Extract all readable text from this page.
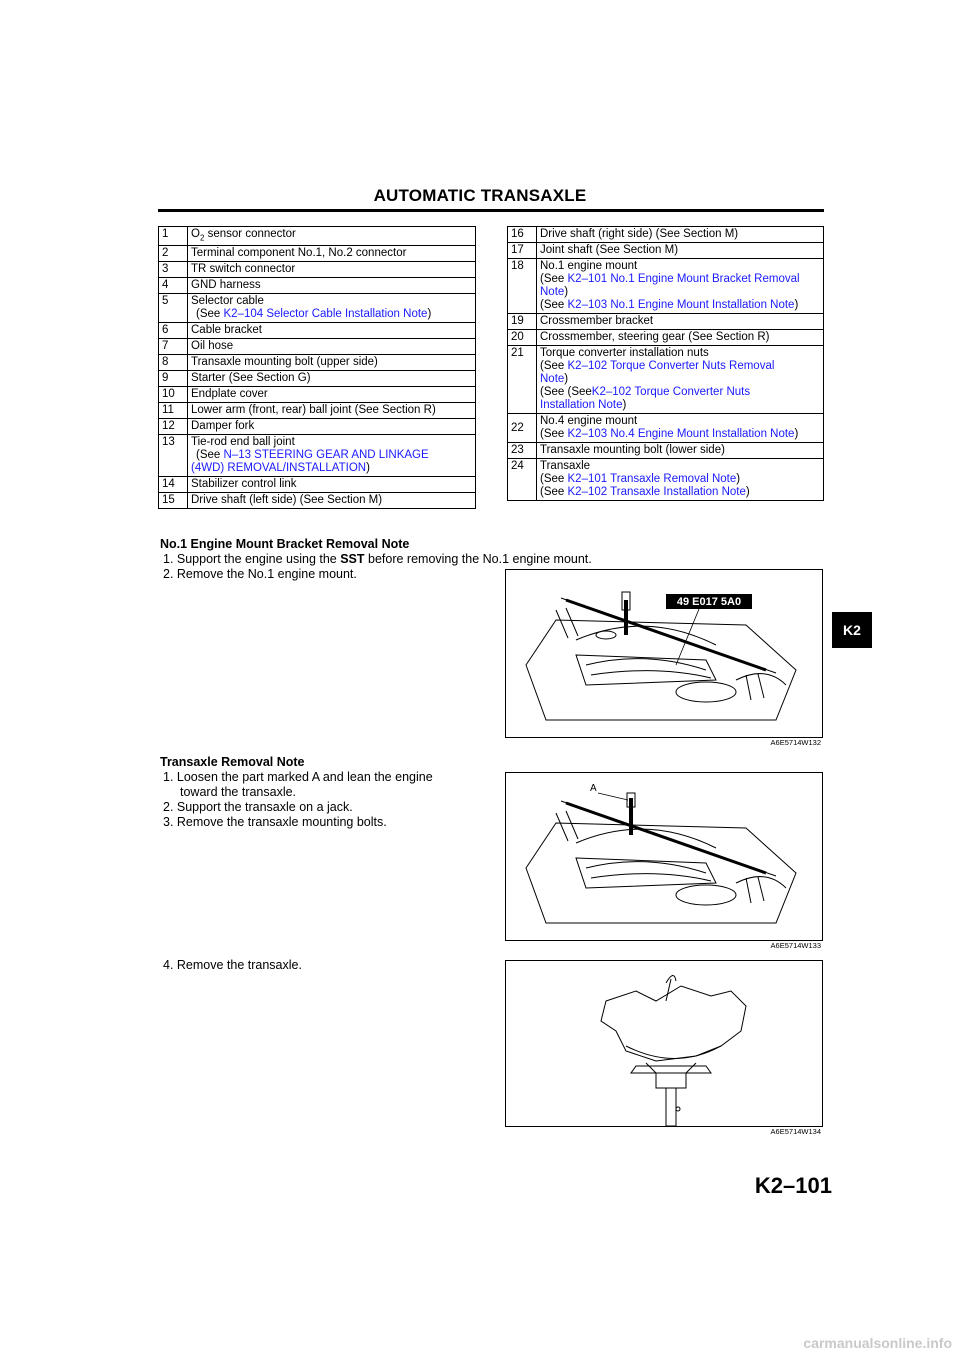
AUTOMATIC TRANSAXLE
1	$O_2$ sensor connector
2	Terminal component No.1, No.2 connector
3	TR switch connector
4	GND harness
5	Selector cable
(See K2–104 Selector Cable Installation Note)

6	Cable bracket
7	Oil hose
8	Transaxle mounting bolt (upper side)
9	Starter (See Section G)
10	Endplate cover
11	Lower arm (front, rear) ball joint (See Section R)
12	Damper fork
13	Tie-rod end ball joint
(See N–13 STEERING GEAR AND LINKAGE
(4WD) REMOVAL/INSTALLATION)

14	Stabilizer control link
15	Drive shaft (left side) (See Section M)
16	Drive shaft (right side) (See Section M)
17	Joint shaft (See Section M)
18	No.1 engine mount
(See K2–101 No.1 Engine Mount Bracket Removal
Note)
(See K2–103 No.1 Engine Mount Installation Note)

19	Crossmember bracket
20	Crossmember, steering gear (See Section R)
21	Torque converter installation nuts
(See K2–102 Torque Converter Nuts Removal
Note)
(See (SeeK2–102 Torque Converter Nuts
Installation Note)

22	No.4 engine mount
(See K2–103 No.4 Engine Mount Installation Note)

23	Transaxle mounting bolt (lower side)
24	Transaxle
(See K2–101 Transaxle Removal Note)
(See K2–102 Transaxle Installation Note)
No.1 Engine Mount Bracket Removal Note
1. Support the engine using the SST before removing the No.1 engine mount.
2. Remove the No.1 engine mount.
49 E017 5A0
A6E5714W132
Transaxle Removal Note
1. Loosen the part marked A and lean the engine
toward the transaxle.
2. Support the transaxle on a jack.
3. Remove the transaxle mounting bolts.
A
A6E5714W133
4. Remove the transaxle.
A6E5714W134
K2
K2–101
carmanualsonline.info
